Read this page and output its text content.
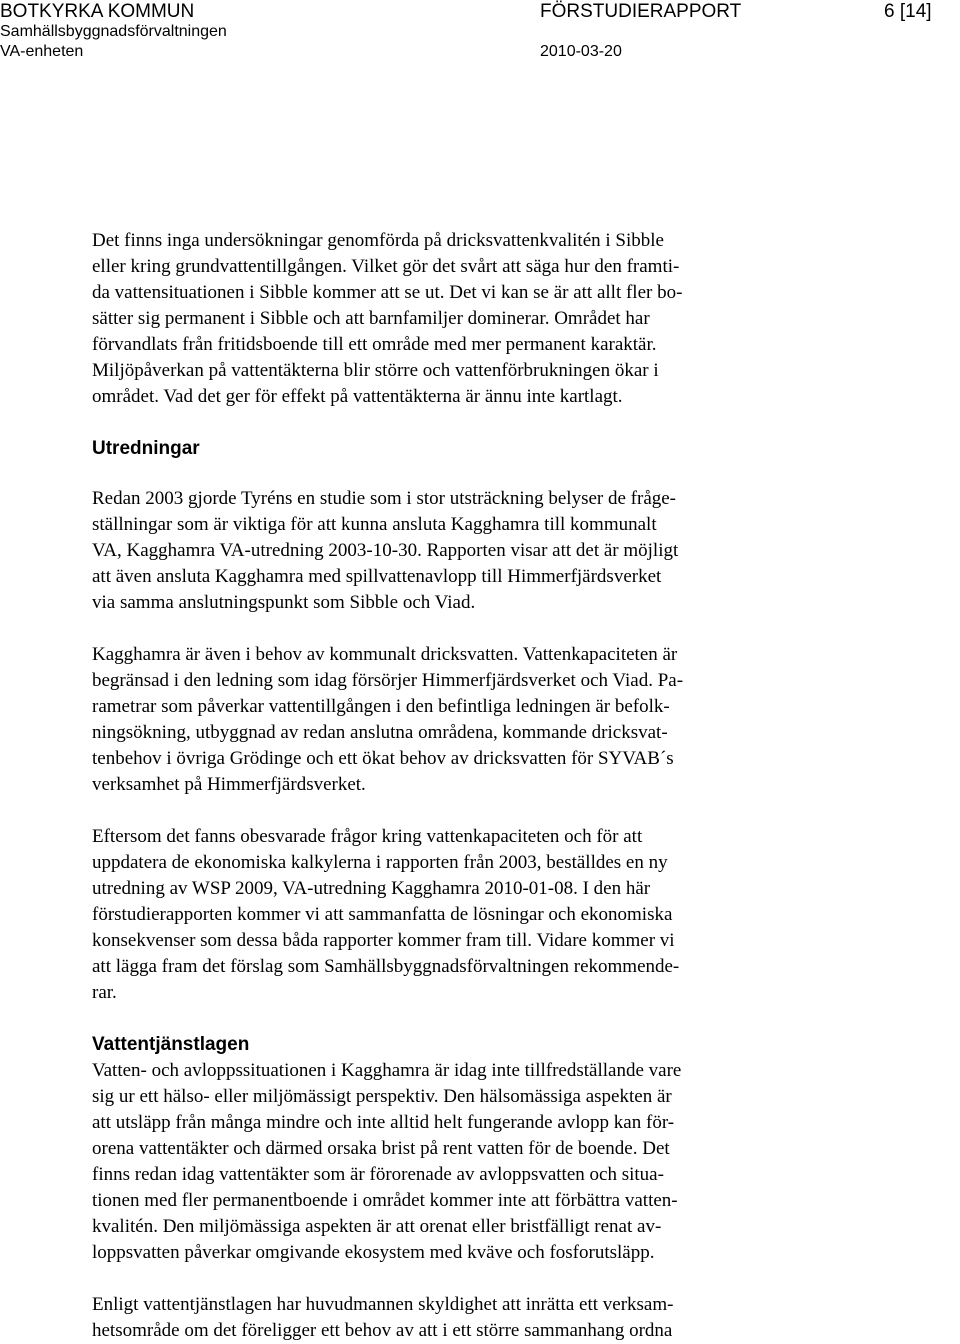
BOTKYRKA KOMMUN
Samhällsbyggnadsförvaltningen
VA-enheten
FÖRSTUDIERAPPORT
2010-03-20
6 [14]

Det finns inga undersökningar genomförda på dricksvattenkvalitén i Sibble
eller kring grundvattentillgången. Vilket gör det svårt att säga hur den framti-
da vattensituationen i Sibble kommer att se ut. Det vi kan se är att allt fler bo-
sätter sig permanent i Sibble och att barnfamiljer dominerar. Området har
förvandlats från fritidsboende till ett område med mer permanent karaktär.
Miljöpåverkan på vattentäkterna blir större och vattenförbrukningen ökar i
området. Vad det ger för effekt på vattentäkterna är ännu inte kartlagt.

Utredningar

Redan 2003 gjorde Tyréns en studie som i stor utsträckning belyser de fråge-
ställningar som är viktiga för att kunna ansluta Kagghamra till kommunalt
VA, Kagghamra VA-utredning 2003-10-30. Rapporten visar att det är möjligt
att även ansluta Kagghamra med spillvattenavlopp till Himmerfjärdsverket
via samma anslutningspunkt som Sibble och Viad.

Kagghamra är även i behov av kommunalt dricksvatten. Vattenkapaciteten är
begränsad i den ledning som idag försörjer Himmerfjärdsverket och Viad. Pa-
rametrar som påverkar vattentillgången i den befintliga ledningen är befolk-
ningsökning, utbyggnad av redan anslutna områdena, kommande dricksvat-
tenbehov i övriga Grödinge och ett ökat behov av dricksvatten för SYVAB´s
verksamhet på Himmerfjärdsverket.

Eftersom det fanns obesvarade frågor kring vattenkapaciteten och för att
uppdatera de ekonomiska kalkylerna i rapporten från 2003, beställdes en ny
utredning av WSP 2009, VA-utredning Kagghamra 2010-01-08. I den här
förstudierapporten kommer vi att sammanfatta de lösningar och ekonomiska
konsekvenser som dessa båda rapporter kommer fram till. Vidare kommer vi
att lägga fram det förslag som Samhällsbyggnadsförvaltningen rekommende-
rar.

Vattentjänstlagen

Vatten- och avloppssituationen i Kagghamra är idag inte tillfredställande vare
sig ur ett hälso- eller miljömässigt perspektiv. Den hälsomässiga aspekten är
att utsläpp från många mindre och inte alltid helt fungerande avlopp kan för-
orena vattentäkter och därmed orsaka brist på rent vatten för de boende. Det
finns redan idag vattentäkter som är förorenade av avloppsvatten och situa-
tionen med fler permanentboende i området kommer inte att förbättra vatten-
kvalitén. Den miljömässiga aspekten är att orenat eller bristfälligt renat av-
loppsvatten påverkar omgivande ekosystem med kväve och fosforutsläpp.

Enligt vattentjänstlagen har huvudmannen skyldighet att inrätta ett verksam-
hetsområde om det föreligger ett behov av att i ett större sammanhang ordna
